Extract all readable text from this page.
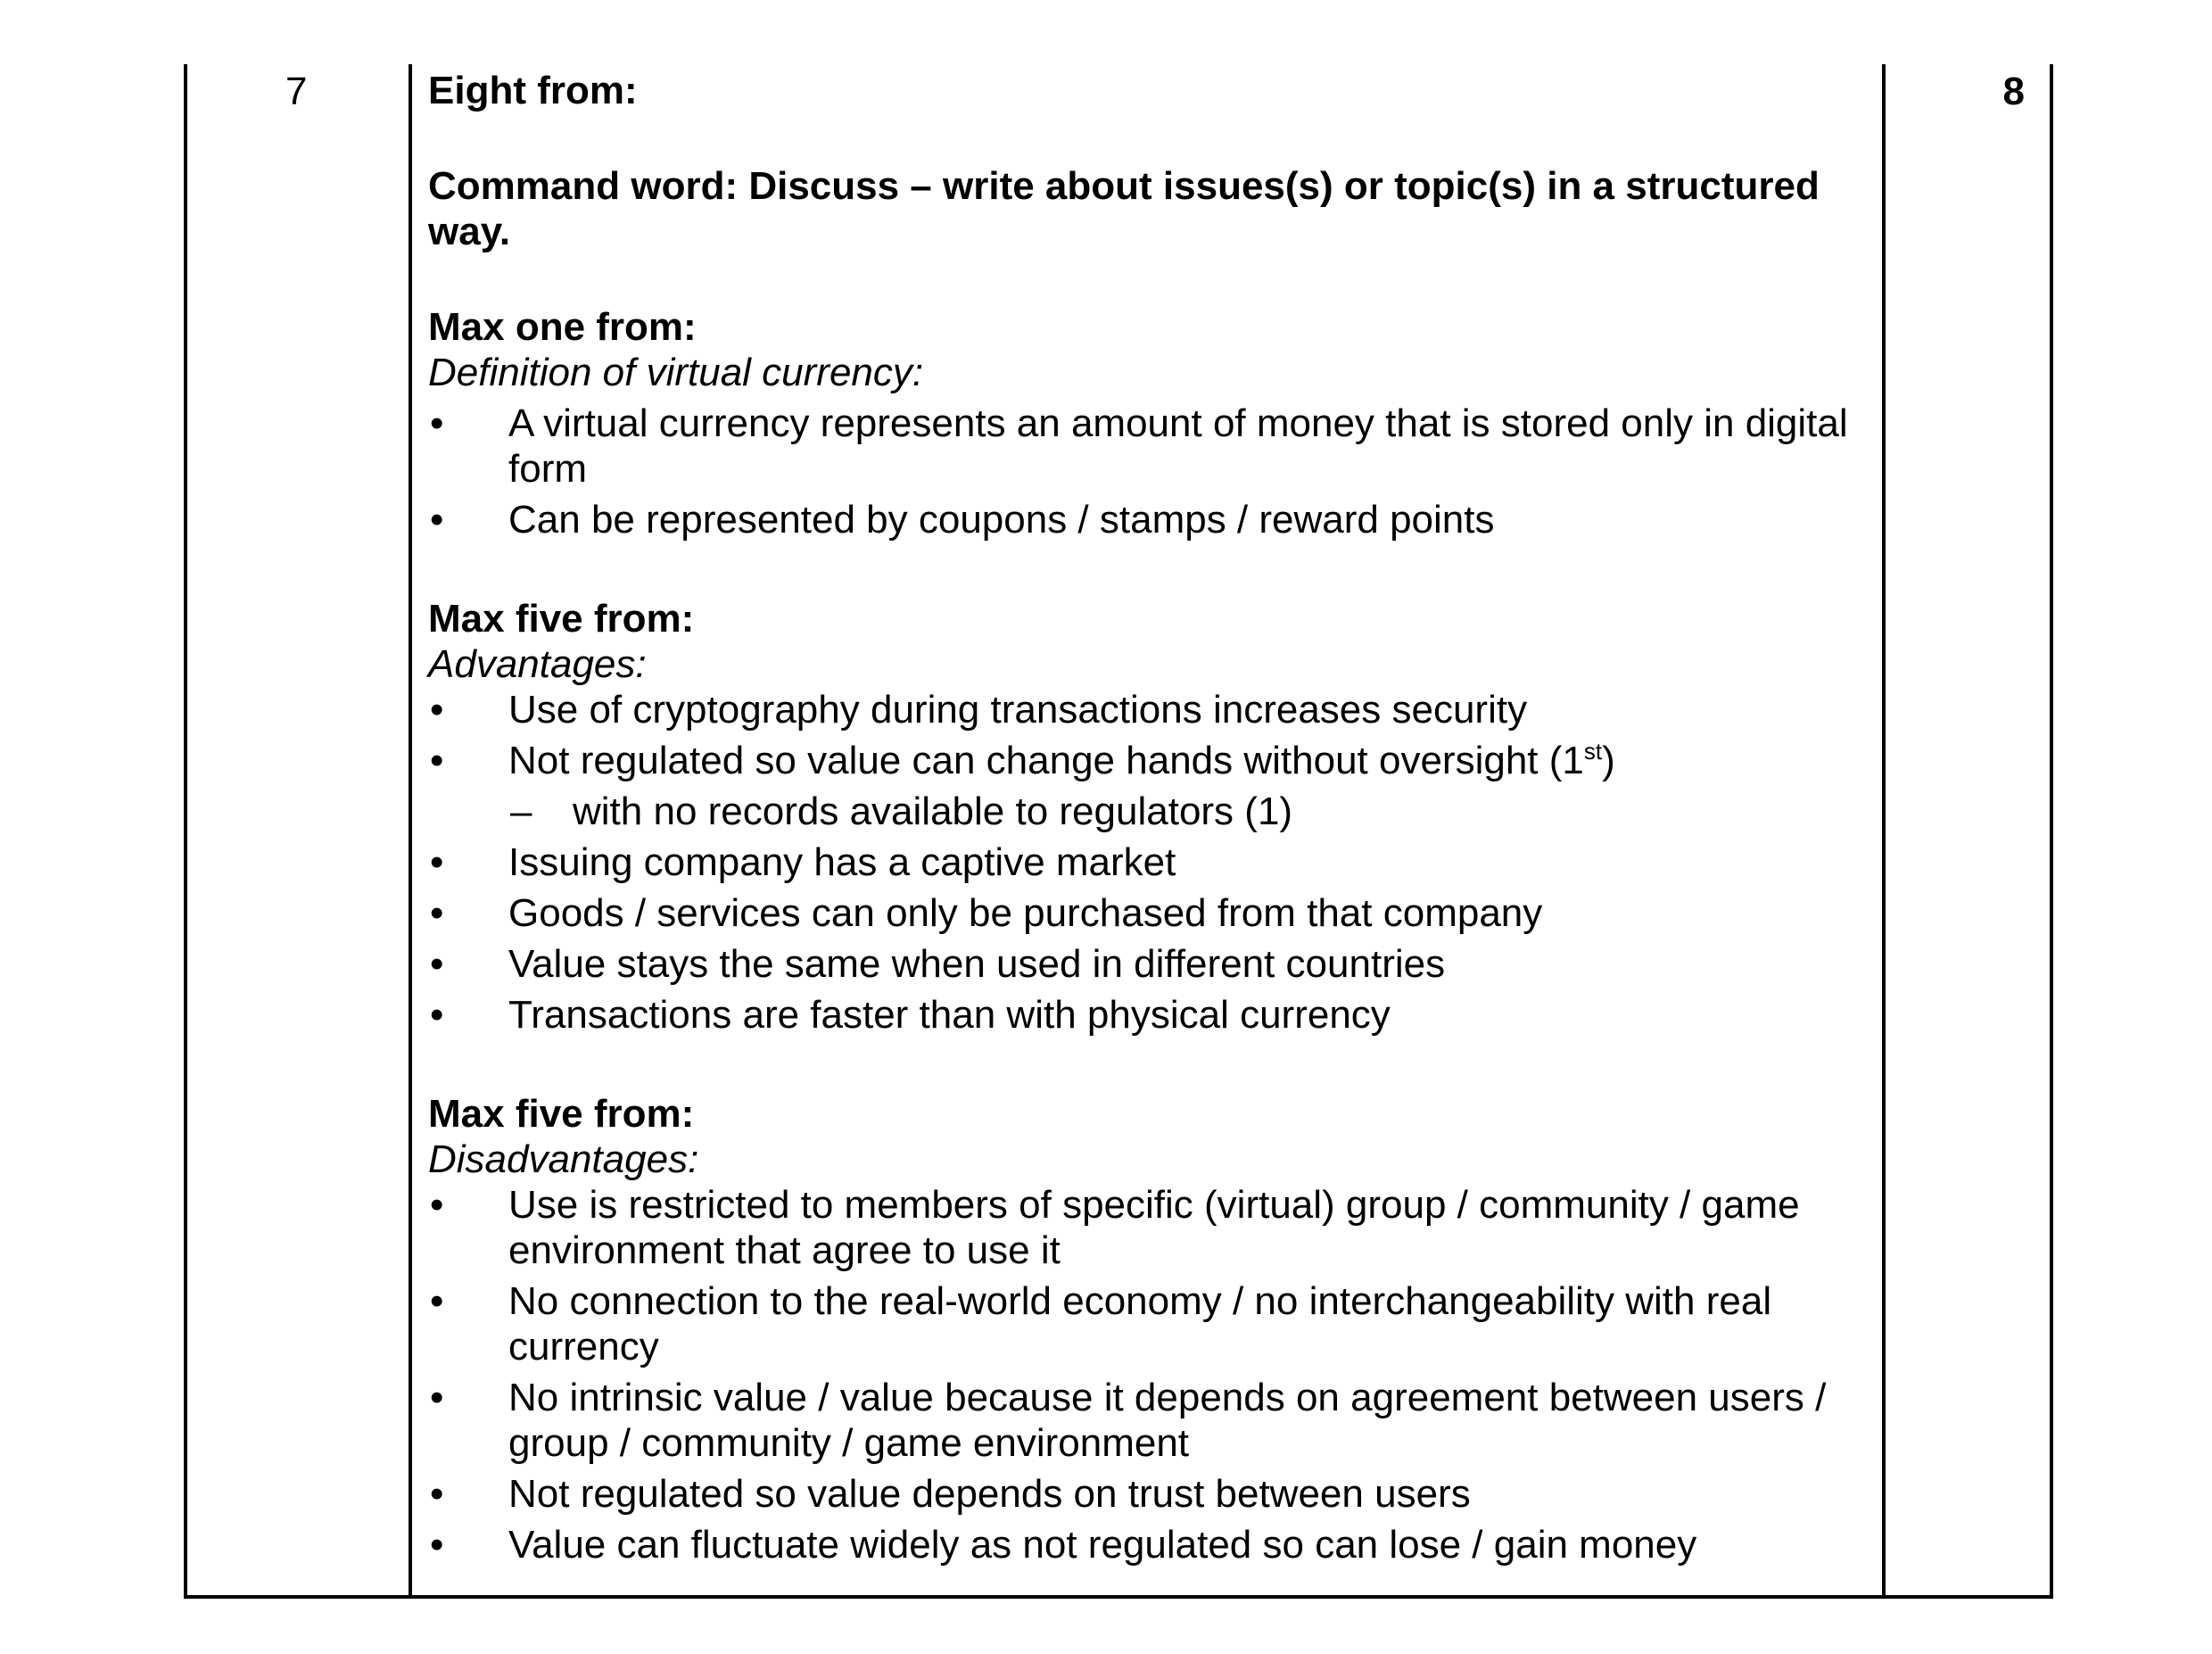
7	8
Eight from:
Command word: Discuss – write about issues(s) or topic(s) in a structured way.
Max one from:
Definition of virtual currency:
• A virtual currency represents an amount of money that is stored only in digital form
• Can be represented by coupons / stamps / reward points
Max five from:
Advantages:
• Use of cryptography during transactions increases security
• Not regulated so value can change hands without oversight (1st)
– with no records available to regulators (1)
• Issuing company has a captive market
• Goods / services can only be purchased from that company
• Value stays the same when used in different countries
• Transactions are faster than with physical currency
Max five from:
Disadvantages:
• Use is restricted to members of specific (virtual) group / community / game environment that agree to use it
• No connection to the real-world economy / no interchangeability with real currency
• No intrinsic value / value because it depends on agreement between users / group / community / game environment
• Not regulated so value depends on trust between users
• Value can fluctuate widely as not regulated so can lose / gain money
